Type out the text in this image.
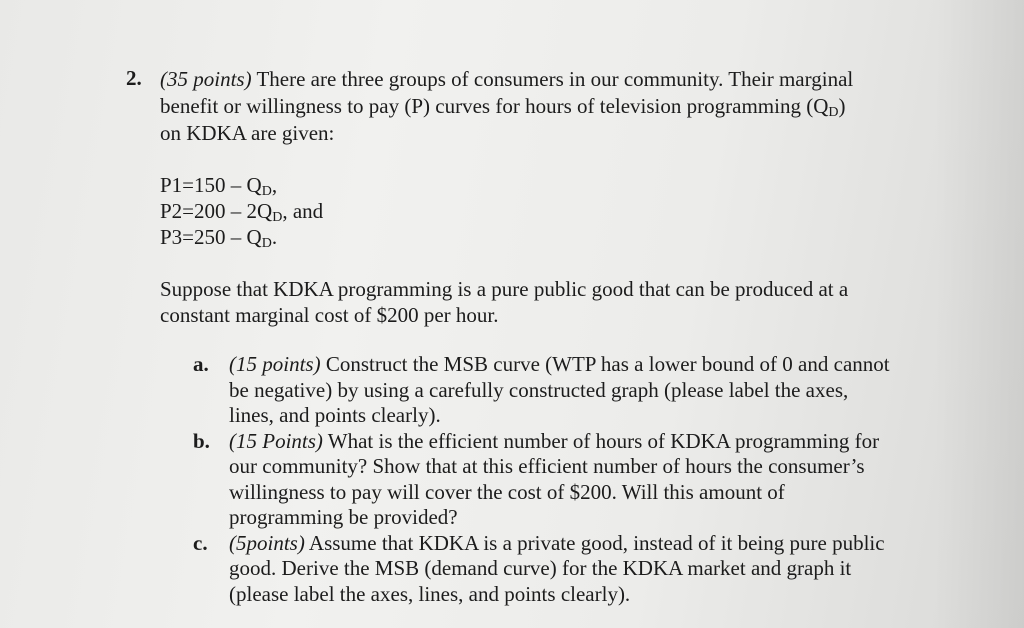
2. (35 points) There are three groups of consumers in our community. Their marginal benefit or willingness to pay (P) curves for hours of television programming $(Q_D)$ on KDKA are given:

$P1=150 - Q_D$,
$P2=200 - 2Q_D$, and
$P3=250 - Q_D$.
Suppose that KDKA programming is a pure public good that can be produced at a constant marginal cost of $200 per hour.
a. (15 points) Construct the MSB curve (WTP has a lower bound of 0 and cannot be negative) by using a carefully constructed graph (please label the axes, lines, and points clearly).
b. (15 Points) What is the efficient number of hours of KDKA programming for our community? Show that at this efficient number of hours the consumer’s willingness to pay will cover the cost of $200. Will this amount of programming be provided?
c. (5points) Assume that KDKA is a private good, instead of it being pure public good. Derive the MSB (demand curve) for the KDKA market and graph it (please label the axes, lines, and points clearly).
